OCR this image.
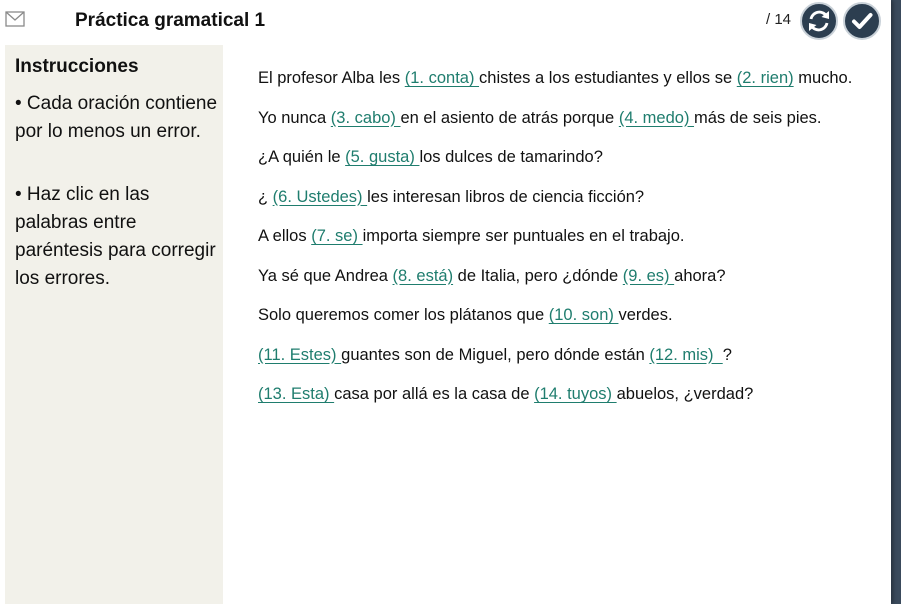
Práctica gramatical 1	/ 14
Instrucciones
• Cada oración contiene por lo menos un error.
• Haz clic en las palabras entre paréntesis para corregir los errores.
El profesor Alba les (1. conta) chistes a los estudiantes y ellos se (2. rien) mucho.
Yo nunca (3. cabo) en el asiento de atrás porque (4. medo) más de seis pies.
¿A quién le (5. gusta) los dulces de tamarindo?
¿ (6. Ustedes) les interesan libros de ciencia ficción?
A ellos (7. se) importa siempre ser puntuales en el trabajo.
Ya sé que Andrea (8. está) de Italia, pero ¿dónde (9. es) ahora?
Solo queremos comer los plátanos que (10. son) verdes.
(11. Estes) guantes son de Miguel, pero dónde están (12. mis)  ?
(13. Esta) casa por allá es la casa de (14. tuyos) abuelos, ¿verdad?
